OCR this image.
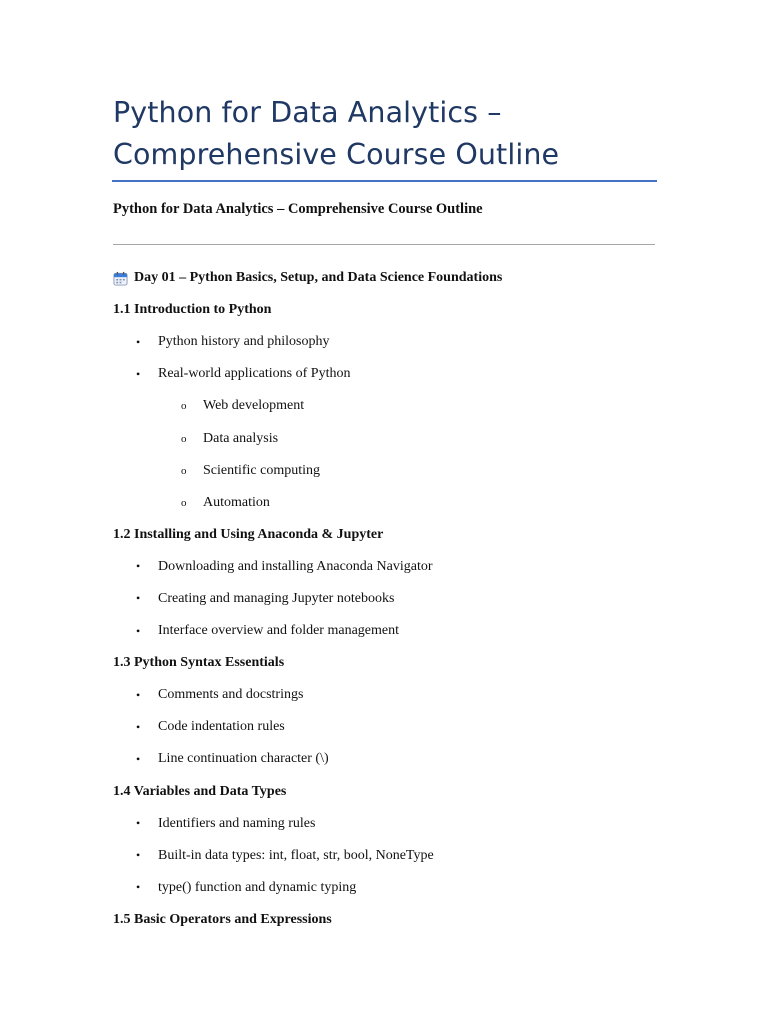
Python for Data Analytics – Comprehensive Course Outline

Python for Data Analytics – Comprehensive Course Outline

Day 01 – Python Basics, Setup, and Data Science Foundations
1.1 Introduction to Python
•	Python history and philosophy
•	Real-world applications of Python
o	Web development
o	Data analysis
o	Scientific computing
o	Automation
1.2 Installing and Using Anaconda & Jupyter
•	Downloading and installing Anaconda Navigator
•	Creating and managing Jupyter notebooks
•	Interface overview and folder management
1.3 Python Syntax Essentials
•	Comments and docstrings
•	Code indentation rules
•	Line continuation character (\)
1.4 Variables and Data Types
•	Identifiers and naming rules
•	Built-in data types: int, float, str, bool, NoneType
•	type() function and dynamic typing
1.5 Basic Operators and Expressions
